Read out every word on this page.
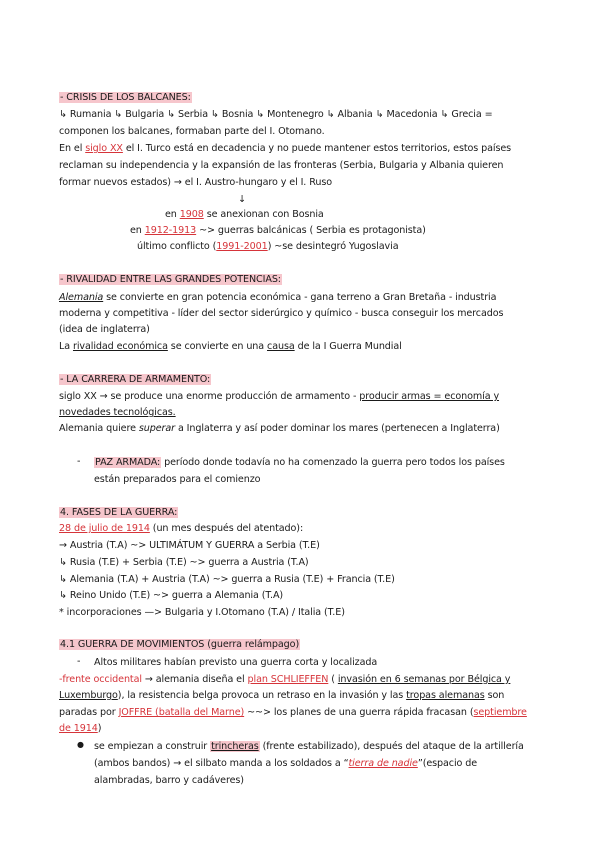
- CRISIS DE LOS BALCANES:
↳ Rumania ↳ Bulgaria ↳ Serbia ↳ Bosnia ↳ Montenegro ↳ Albania ↳ Macedonia ↳ Grecia =
componen los balcanes, formaban parte del I. Otomano.
En el siglo XX el I. Turco está en decadencia y no puede mantener estos territorios, estos países
reclaman su independencia y la expansión de las fronteras (Serbia, Bulgaria y Albania quieren
formar nuevos estados) → el I. Austro-hungaro y el I. Ruso
↓
en 1908 se anexionan con Bosnia
en 1912-1913 ~> guerras balcánicas ( Serbia es protagonista)
último conflicto (1991-2001) ~se desintegró Yugoslavia
- RIVALIDAD ENTRE LAS GRANDES POTENCIAS:
Alemania se convierte en gran potencia económica - gana terreno a Gran Bretaña - industria
moderna y competitiva - líder del sector siderúrgico y químico - busca conseguir los mercados
(idea de inglaterra)
La rivalidad económica se convierte en una causa de la I Guerra Mundial
- LA CARRERA DE ARMAMENTO:
siglo XX → se produce una enorme producción de armamento - producir armas = economía y
novedades tecnológicas.
Alemania quiere superar a Inglaterra y así poder dominar los mares (pertenecen a Inglaterra)
- PAZ ARMADA: período donde todavía no ha comenzado la guerra pero todos los países
están preparados para el comienzo
4. FASES DE LA GUERRA:
28 de julio de 1914 (un mes después del atentado):
→ Austria (T.A) ~> ULTIMÁTUM Y GUERRA a Serbia (T.E)
↳ Rusia (T.E) + Serbia (T.E) ~> guerra a Austria (T.A)
↳ Alemania (T.A) + Austria (T.A) ~> guerra a Rusia (T.E) + Francia (T.E)
↳ Reino Unido (T.E) ~> guerra a Alemania (T.A)
* incorporaciones —> Bulgaria y I.Otomano (T.A) / Italia (T.E)
4.1 GUERRA DE MOVIMIENTOS (guerra relámpago)
- Altos militares habían previsto una guerra corta y localizada
-frente occidental → alemania diseña el plan SCHLIEFFEN ( invasión en 6 semanas por Bélgica y
Luxemburgo), la resistencia belga provoca un retraso en la invasión y las tropas alemanas son
paradas por JOFFRE (batalla del Marne) ~~> los planes de una guerra rápida fracasan (septiembre
de 1914)
● se empiezan a construir trincheras (frente estabilizado), después del ataque de la artillería
(ambos bandos) → el silbato manda a los soldados a “tierra de nadie”(espacio de
alambradas, barro y cadáveres)
